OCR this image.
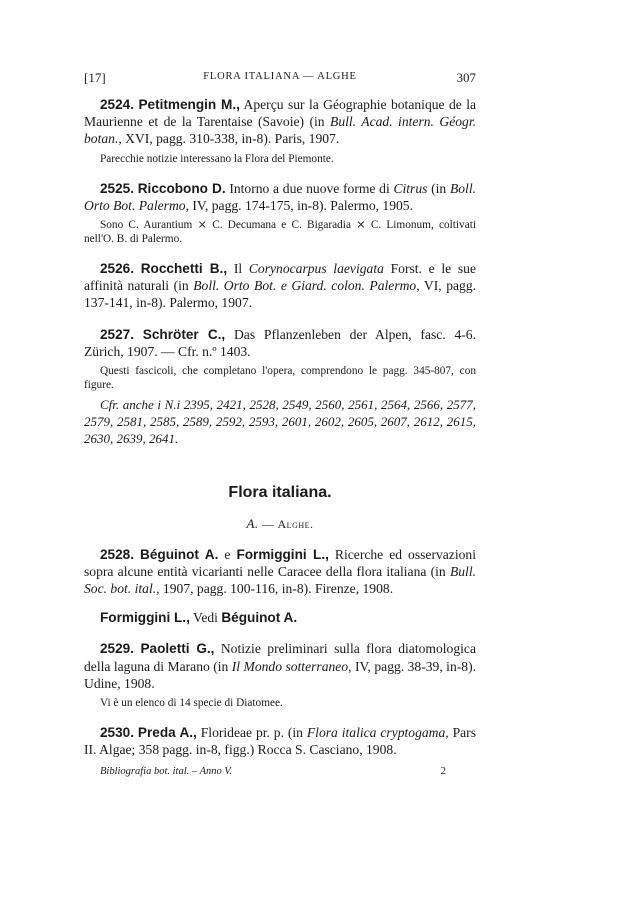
[17]	FLORA ITALIANA — ALGHE	307
2524. Petitmengin M., Aperçu sur la Géographie botanique de la Maurienne et de la Tarentaise (Savoie) (in Bull. Acad. intern. Géogr. botan., XVI, pagg. 310-338, in-8). Paris, 1907.
Parecchie notizie interessano la Flora del Piemonte.
2525. Riccobono D. Intorno a due nuove forme di Citrus (in Boll. Orto Bot. Palermo, IV, pagg. 174-175, in-8). Palermo, 1905.
Sono C. Aurantium ⨯ C. Decumana e C. Bigaradia ⨯ C. Limonum, coltivati nell'O. B. di Palermo.
2526. Rocchetti B., Il Corynocarpus laevigata Forst. e le sue affinità naturali (in Boll. Orto Bot. e Giard. colon. Palermo, VI, pagg. 137-141, in-8). Palermo, 1907.
2527. Schröter C., Das Pflanzenleben der Alpen, fasc. 4-6. Zürich, 1907. — Cfr. n.º 1403.
Questi fascicoli, che completano l'opera, comprendono le pagg. 345-807, con figure.
Cfr. anche i N.i 2395, 2421, 2528, 2549, 2560, 2561, 2564, 2566, 2577, 2579, 2581, 2585, 2589, 2592, 2593, 2601, 2602, 2605, 2607, 2612, 2615, 2630, 2639, 2641.
Flora italiana.
A. — Alghe.
2528. Béguinot A. e Formiggini L., Ricerche ed osservazioni sopra alcune entità vicarianti nelle Caracee della flora italiana (in Bull. Soc. bot. ital., 1907, pagg. 100-116, in-8). Firenze, 1908.
Formiggini L., Vedi Béguinot A.
2529. Paoletti G., Notizie preliminari sulla flora diatomologica della laguna di Marano (in Il Mondo sotterraneo, IV, pagg. 38-39, in-8). Udine, 1908.
Vi è un elenco di 14 specie di Diatomee.
2530. Preda A., Florideae pr. p. (in Flora italica cryptogama, Pars II. Algae; 358 pagg. in-8, figg.) Rocca S. Casciano, 1908.
Bibliografia bot. ital. – Anno V.	2
